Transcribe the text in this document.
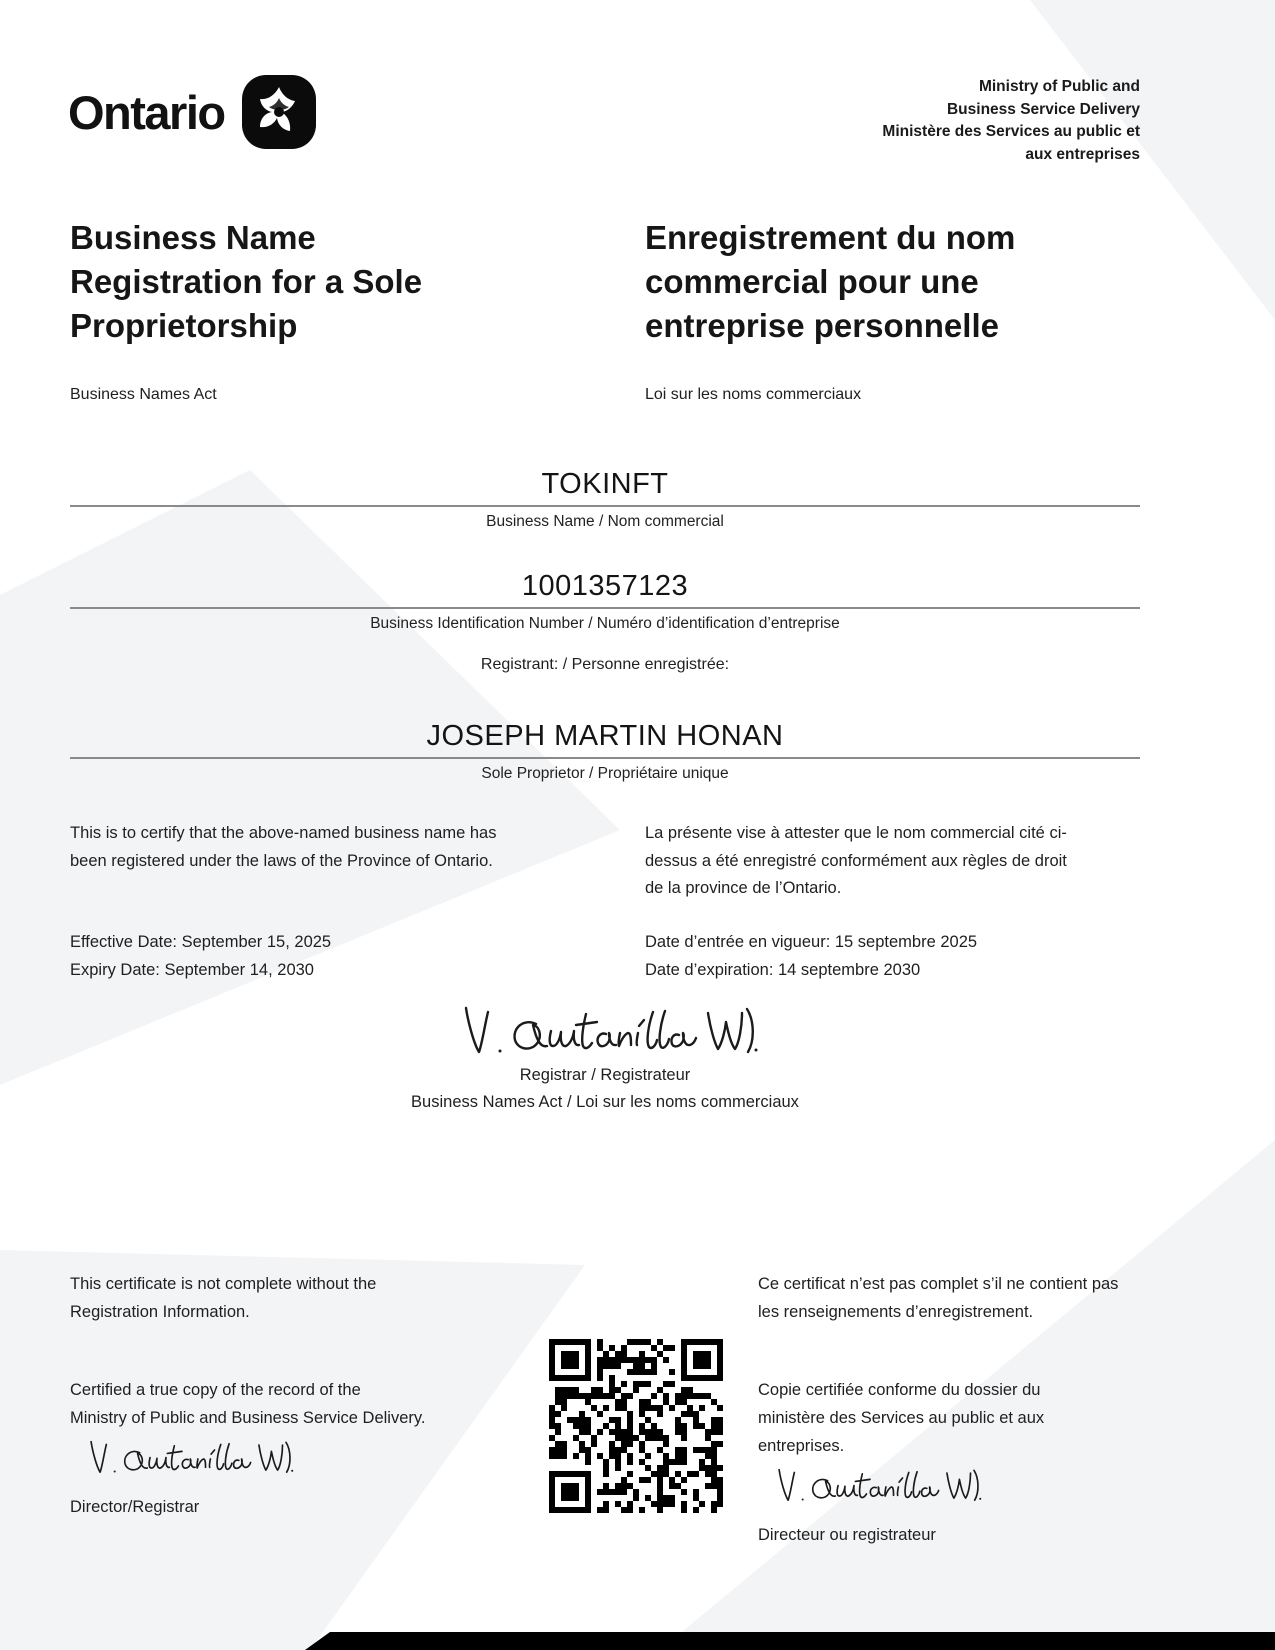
Ontario	Ministry of Public and
Business Service Delivery
Ministère des Services au public et
aux entreprises
Business Name
Registration for a Sole
Proprietorship
Enregistrement du nom
commercial pour une
entreprise personnelle
Business Names Act	Loi sur les noms commerciaux
TOKINFT
Business Name / Nom commercial
1001357123
Business Identification Number / Numéro d’identification d’entreprise
Registrant: / Personne enregistrée:
JOSEPH MARTIN HONAN
Sole Proprietor / Propriétaire unique
This is to certify that the above-named business name has
been registered under the laws of the Province of Ontario.
La présente vise à attester que le nom commercial cité ci-
dessus a été enregistré conformément aux règles de droit
de la province de l’Ontario.
Effective Date: September 15, 2025
Expiry Date: September 14, 2030
Date d’entrée en vigueur: 15 septembre 2025
Date d’expiration: 14 septembre 2030
Registrar / Registrateur
Business Names Act / Loi sur les noms commerciaux
This certificate is not complete without the
Registration Information.
Certified a true copy of the record of the
Ministry of Public and Business Service Delivery.
Director/Registrar
Ce certificat n’est pas complet s’il ne contient pas
les renseignements d’enregistrement.
Copie certifiée conforme du dossier du
ministère des Services au public et aux
entreprises.
Directeur ou registrateur
